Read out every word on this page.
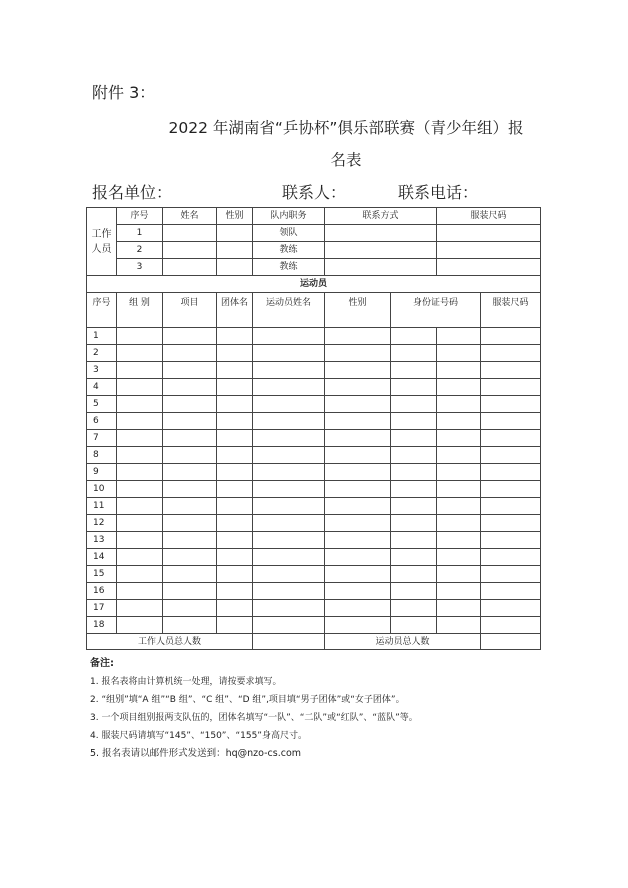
附件 3：
2022 年湖南省“乒协杯”俱乐部联赛（青少年组）报
名表
报名单位：	联系人：	联系电话：
工作人员	序号	姓名	性别	队内职务	联系方式		服装尺码	
	1			领队				
	2			教练				
	3			教练				
运动员								
序号	组 别	项目	团体名	运动员姓名	性别	身份证号码		服装尺码
1								
2								
3								
4								
5								
6								
7								
8								
9								
10								
11								
12								
13								
14								
15								
16								
17								
18								
工作人员总人数					运动员总人数			
备注:
1. 报名表将由计算机统一处理，请按要求填写。
2. “组别”填“A 组”“B 组”、“C 组”、“D 组”,项目填“男子团体”或“女子团体”。
3. 一个项目组别报两支队伍的，团体名填写“一队”、“二队”或“红队”、“蓝队”等。
4. 服装尺码请填写“145”、“150”、“155”身高尺寸。
5. 报名表请以邮件形式发送到：hq@nzo-cs.com
